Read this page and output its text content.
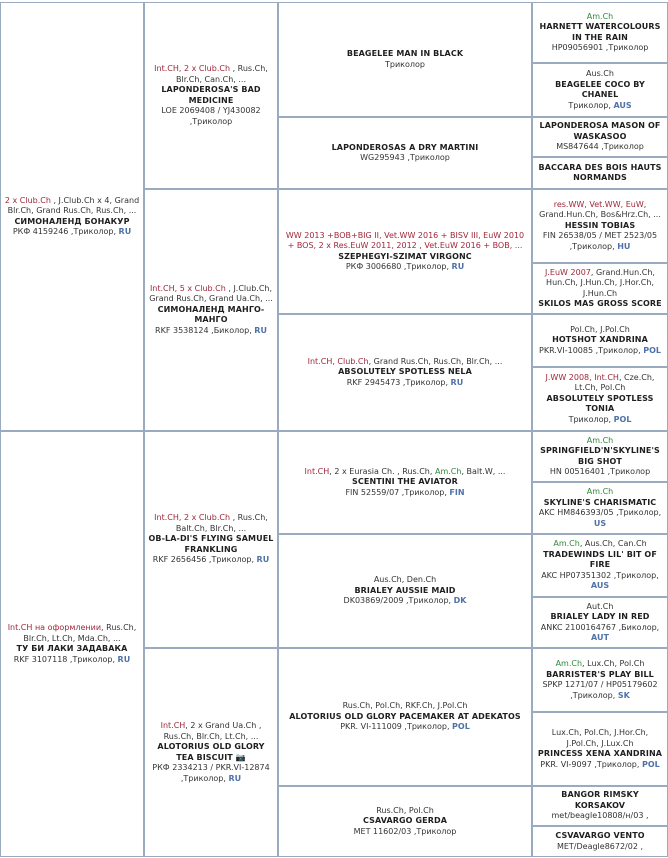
2 x Club.Ch , J.Club.Ch x 4, Grand Blr.Ch, Grand Rus.Ch, Rus.Ch, ...
СИМОНАЛЕНД БОНАКУР
РКФ 4159246 ,Триколор, RU
Int.CH на оформлении, Rus.Ch, Blr.Ch, Lt.Ch, Mda.Ch, ...
ТУ БИ ЛАКИ ЗАДАВАКА
RKF 3107118 ,Триколор, RU
Int.CH, 2 x Club.Ch , Rus.Ch, Blr.Ch, Can.Ch, ...
LAPONDEROSA'S BAD MEDICINE
LOE 2069408 / YJ430082 ,Триколор
Int.CH, 5 x Club.Ch , J.Club.Ch, Grand Rus.Ch, Grand Ua.Ch, ...
СИМОНАЛЕНД МАНГО-МАНГО
RKF 3538124 ,Биколор, RU
Int.CH, 2 x Club.Ch , Rus.Ch, Balt.Ch, Blr.Ch, ...
OB-LA-DI'S FLYING SAMUEL FRANKLING
RKF 2656456 ,Триколор, RU
Int.CH, 2 x Grand Ua.Ch , Rus.Ch, Blr.Ch, Lt.Ch, ...
ALOTORIUS OLD GLORY TEA BISCUIT 📷
РКФ 2334213 / PKR.VI-12874 ,Триколор, RU
BEAGELEE MAN IN BLACK
Триколор
LAPONDEROSAS A DRY MARTINI
WG295943 ,Триколор
WW 2013 +BOB+BIG II, Vet.WW 2016 + BISV III, EuW 2010 + BOS, 2 x Res.EuW 2011, 2012 , Vet.EuW 2016 + BOB, ...
SZEPHEGYI-SZIMAT VIRGONC
РКФ 3006680 ,Триколор, RU
Int.CH, Club.Ch, Grand Rus.Ch, Rus.Ch, Blr.Ch, ...
ABSOLUTELY SPOTLESS NELA
RKF 2945473 ,Триколор, RU
Int.CH, 2 x Eurasia Ch. , Rus.Ch, Am.Ch, Balt.W, ...
SCENTINI THE AVIATOR
FIN 52559/07 ,Триколор, FIN
Aus.Ch, Den.Ch
BRIALEY AUSSIE MAID
DK03869/2009 ,Триколор, DK
Rus.Ch, Pol.Ch, RKF.Ch, J.Pol.Ch
ALOTORIUS OLD GLORY PACEMAKER AT ADEKATOS
PKR. VI-111009 ,Триколор, POL
Rus.Ch, Pol.Ch
CSAVARGO GERDA
MET 11602/03 ,Триколор
Am.Ch
HARNETT WATERCOLOURS IN THE RAIN
HP09056901 ,Триколор
Aus.Ch
BEAGELEE COCO BY CHANEL
Триколор, AUS
LAPONDEROSA MASON OF WASKASOO
MS847644 ,Триколор
BACCARA DES BOIS HAUTS NORMANDS
res.WW, Vet.WW, EuW, Grand.Hun.Ch, Bos&Hrz.Ch, ...
HESSIN TOBIAS
FIN 26538/05 / MET 2523/05 ,Триколор, HU
J.EuW 2007, Grand.Hun.Ch, Hun.Ch, J.Hun.Ch, J.Hor.Ch, J.Hun.Ch
SKILOS MAS GROSS SCORE
Pol.Ch, J.Pol.Ch
HOTSHOT XANDRINA
PKR.VI-10085 ,Триколор, POL
J.WW 2008, Int.CH, Cze.Ch, Lt.Ch, Pol.Ch
ABSOLUTELY SPOTLESS TONIA
Триколор, POL
Am.Ch
SPRINGFIELD'N'SKYLINE'S BIG SHOT
HN 00516401 ,Триколор
Am.Ch
SKYLINE'S CHARISMATIC
AKC HM846393/05 ,Триколор, US
Am.Ch, Aus.Ch, Can.Ch
TRADEWINDS LIL' BIT OF FIRE
AKC HP07351302 ,Триколор, AUS
Aut.Ch
BRIALEY LADY IN RED
ANKC 2100164767 ,Биколор, AUT
Am.Ch, Lux.Ch, Pol.Ch
BARRISTER'S PLAY BILL
SPKP 1271/07 / HP05179602 ,Триколор, SK
Lux.Ch, Pol.Ch, J.Hor.Ch, J.Pol.Ch, J.Lux.Ch
PRINCESS XENA XANDRINA
PKR. VI-9097 ,Триколор, POL
BANGOR RIMSKY KORSAKOV
met/beagle10808/н/03 ,
CSVAVARGO VENTO
MET/Deagle8672/02 ,
